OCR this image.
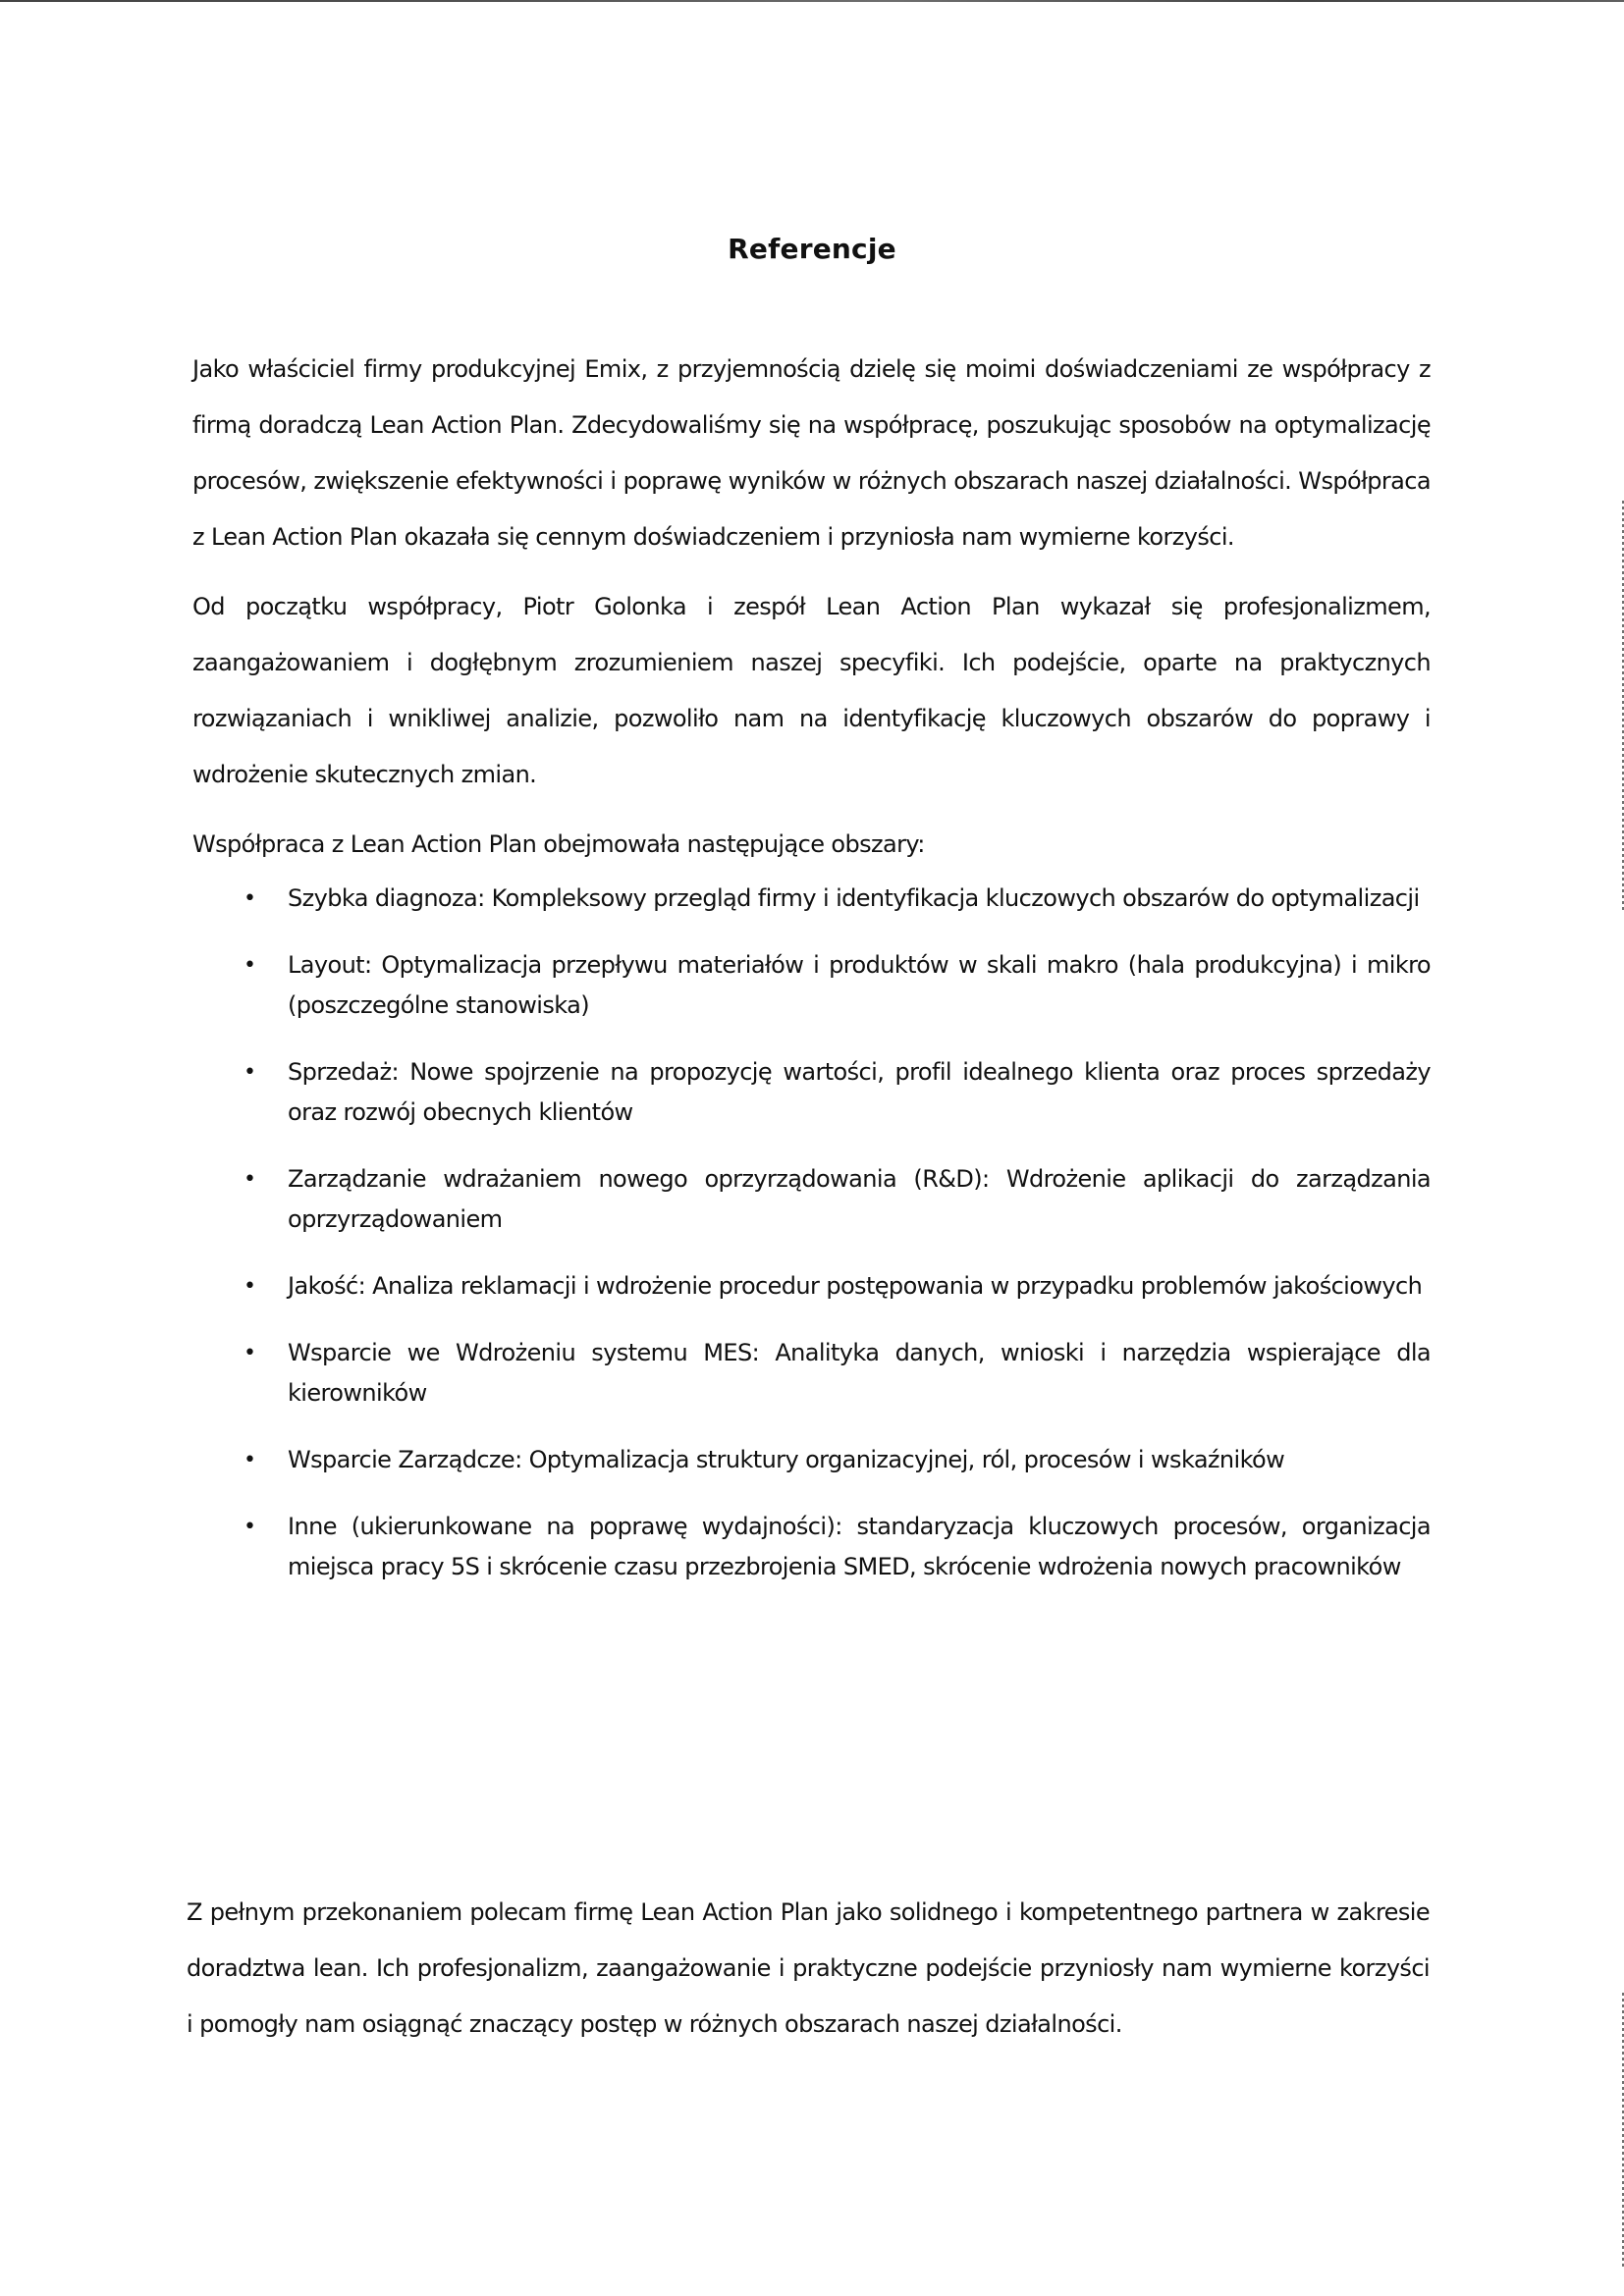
Referencje

Jako właściciel firmy produkcyjnej Emix, z przyjemnością dzielę się moimi doświadczeniami ze współpracy z firmą doradczą Lean Action Plan. Zdecydowaliśmy się na współpracę, poszukując sposobów na optymalizację procesów, zwiększenie efektywności i poprawę wyników w różnych obszarach naszej działalności. Współpraca z Lean Action Plan okazała się cennym doświadczeniem i przyniosła nam wymierne korzyści.

Od początku współpracy, Piotr Golonka i zespół Lean Action Plan wykazał się profesjonalizmem, zaangażowaniem i dogłębnym zrozumieniem naszej specyfiki. Ich podejście, oparte na praktycznych rozwiązaniach i wnikliwej analizie, pozwoliło nam na identyfikację kluczowych obszarów do poprawy i wdrożenie skutecznych zmian.

Współpraca z Lean Action Plan obejmowała następujące obszary:

• Szybka diagnoza: Kompleksowy przegląd firmy i identyfikacja kluczowych obszarów do optymalizacji
• Layout: Optymalizacja przepływu materiałów i produktów w skali makro (hala produkcyjna) i mikro (poszczególne stanowiska)
• Sprzedaż: Nowe spojrzenie na propozycję wartości, profil idealnego klienta oraz proces sprzedaży oraz rozwój obecnych klientów
• Zarządzanie wdrażaniem nowego oprzyrządowania (R&D): Wdrożenie aplikacji do zarządzania oprzyrządowaniem
• Jakość: Analiza reklamacji i wdrożenie procedur postępowania w przypadku problemów jakościowych
• Wsparcie we Wdrożeniu systemu MES: Analityka danych, wnioski i narzędzia wspierające dla kierowników
• Wsparcie Zarządcze: Optymalizacja struktury organizacyjnej, ról, procesów i wskaźników
• Inne (ukierunkowane na poprawę wydajności): standaryzacja kluczowych procesów, organizacja miejsca pracy 5S i skrócenie czasu przezbrojenia SMED, skrócenie wdrożenia nowych pracowników

Z pełnym przekonaniem polecam firmę Lean Action Plan jako solidnego i kompetentnego partnera w zakresie doradztwa lean. Ich profesjonalizm, zaangażowanie i praktyczne podejście przyniosły nam wymierne korzyści i pomogły nam osiągnąć znaczący postęp w różnych obszarach naszej działalności.
